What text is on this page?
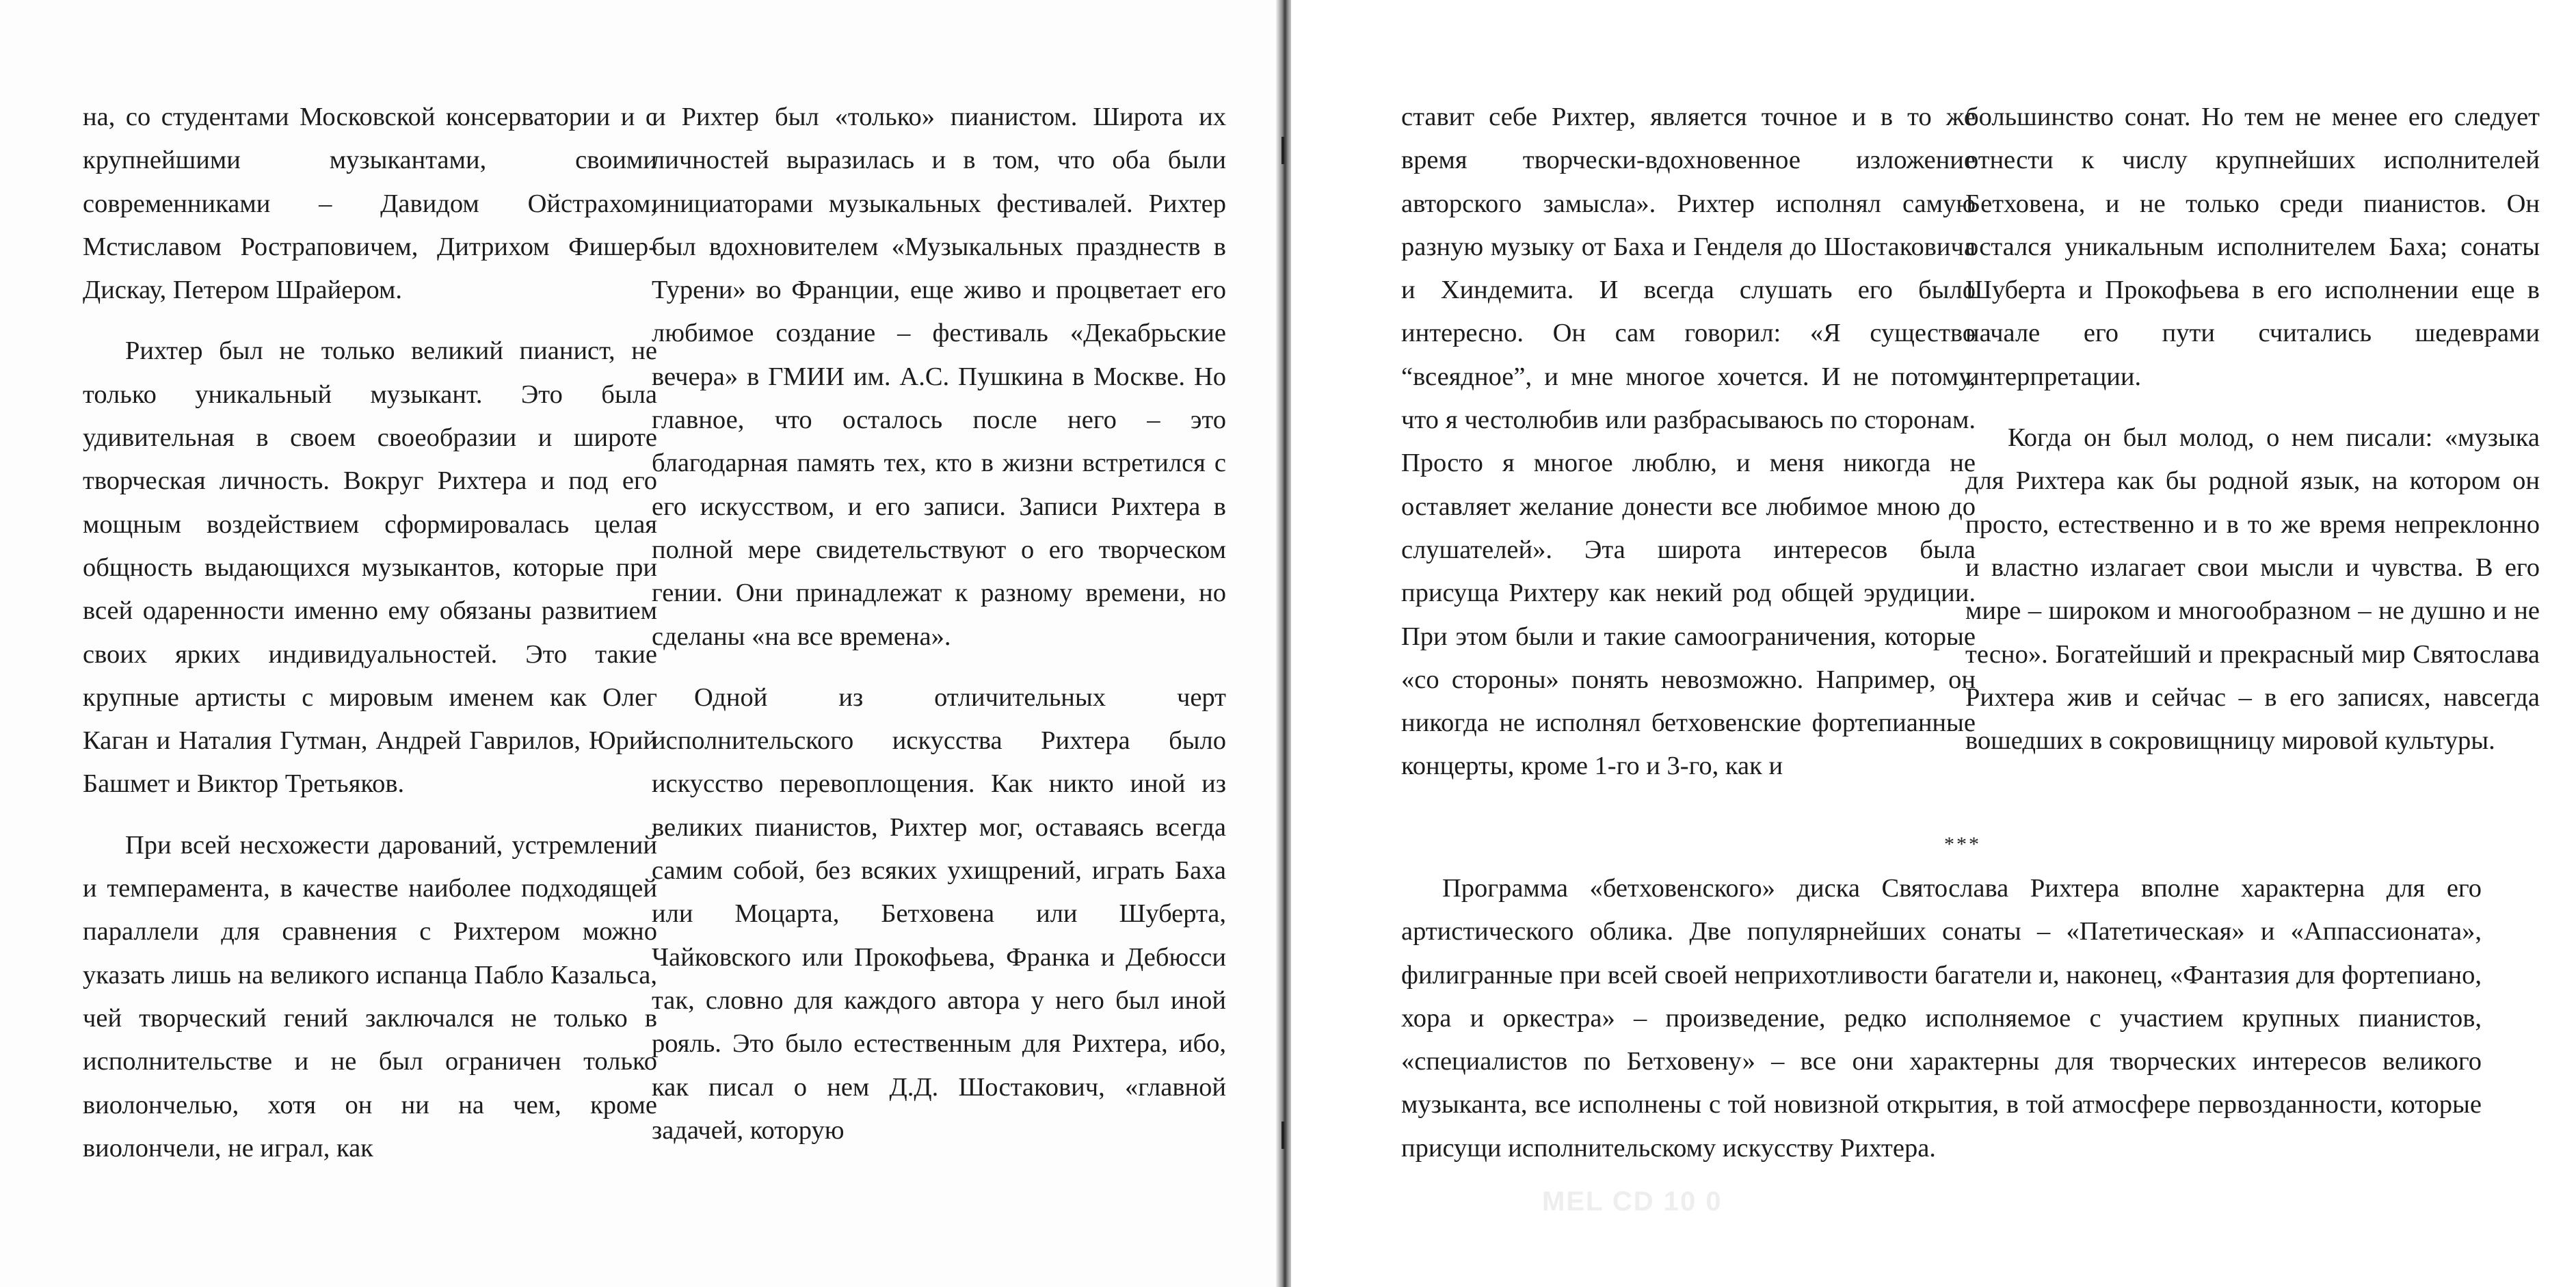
на, со студентами Московской консерватории и с крупнейшими музыкантами, своими современниками – Давидом Ойстрахом, Мстиславом Ростраповичем, Дитрихом Фишер-Дискау, Петером Шрайером.

Рихтер был не только великий пианист, не только уникальный музыкант. Это была удивительная в своем своеобразии и широте творческая личность. Вокруг Рихтера и под его мощным воздействием сформировалась целая общность выдающихся музыкантов, которые при всей одаренности именно ему обязаны развитием своих ярких индивидуальностей. Это такие крупные артисты с мировым именем как Олег Каган и Наталия Гутман, Андрей Гаврилов, Юрий Башмет и Виктор Третьяков.

При всей несхожести дарований, устремлений и темперамента, в качестве наиболее подходящей параллели для сравнения с Рихтером можно указать лишь на великого испанца Пабло Казальса, чей творческий гений заключался не только в исполнительстве и не был ограничен только виолончелью, хотя он ни на чем, кроме виолончели, не играл, как

и Рихтер был «только» пианистом. Широта их личностей выразилась и в том, что оба были инициаторами музыкальных фестивалей. Рихтер был вдохновителем «Музыкальных празднеств в Турени» во Франции, еще живо и процветает его любимое создание – фестиваль «Декабрьские вечера» в ГМИИ им. А.С. Пушкина в Москве. Но главное, что осталось после него – это благодарная память тех, кто в жизни встретился с его искусством, и его записи. Записи Рихтера в полной мере свидетельствуют о его творческом гении. Они принадлежат к разному времени, но сделаны «на все времена».

Одной из отличительных черт исполнительского искусства Рихтера было искусство перевоплощения. Как никто иной из великих пианистов, Рихтер мог, оставаясь всегда самим собой, без всяких ухищрений, играть Баха или Моцарта, Бетховена или Шуберта, Чайковского или Прокофьева, Франка и Дебюсси так, словно для каждого автора у него был иной рояль. Это было естественным для Рихтера, ибо, как писал о нем Д.Д. Шостакович, «главной задачей, которую

ставит себе Рихтер, является точное и в то же время творчески-вдохновенное изложение авторского замысла». Рихтер исполнял самую разную музыку от Баха и Генделя до Шостаковича и Хиндемита. И всегда слушать его было интересно. Он сам говорил: «Я существо “всеядное”, и мне многое хочется. И не потому, что я честолюбив или разбрасываюсь по сторонам. Просто я многое люблю, и меня никогда не оставляет желание донести все любимое мною до слушателей». Эта широта интересов была присуща Рихтеру как некий род общей эрудиции. При этом были и такие самоограничения, которые «со стороны» понять невозможно. Например, он никогда не исполнял бетховенские фортепианные концерты, кроме 1-го и 3-го, как и

большинство сонат. Но тем не менее его следует отнести к числу крупнейших исполнителей Бетховена, и не только среди пианистов. Он остался уникальным исполнителем Баха; сонаты Шуберта и Прокофьева в его исполнении еще в начале его пути считались шедеврами интерпретации.

Когда он был молод, о нем писали: «музыка для Рихтера как бы родной язык, на котором он просто, естественно и в то же время непреклонно и властно излагает свои мысли и чувства. В его мире – широком и многообразном – не душно и не тесно». Богатейший и прекрасный мир Святослава Рихтера жив и сейчас – в его записях, навсегда вошедших в сокровищницу мировой культуры.

***

Программа «бетховенского» диска Святослава Рихтера вполне характерна для его артистического облика. Две популярнейших сонаты – «Патетическая» и «Аппассионата», филигранные при всей своей неприхотливости багатели и, наконец, «Фантазия для фортепиано, хора и оркестра» – произведение, редко исполняемое с участием крупных пианистов, «специалистов по Бетховену» – все они характерны для творческих интересов великого музыканта, все исполнены с той новизной открытия, в той атмосфере первозданности, которые присущи исполнительскому искусству Рихтера.

MEL CD 10 0
